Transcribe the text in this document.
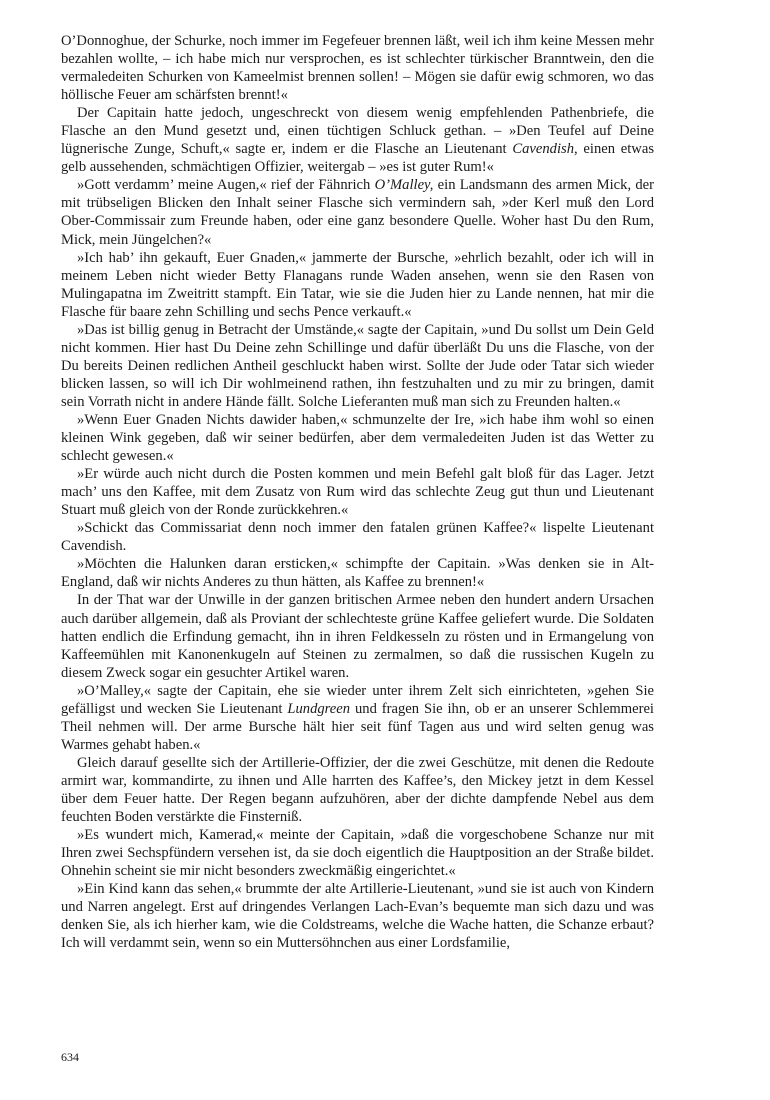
O’Donnoghue, der Schurke, noch immer im Fegefeuer brennen läßt, weil ich ihm keine Messen mehr bezahlen wollte, – ich habe mich nur versprochen, es ist schlechter türkischer Branntwein, den die vermaledeiten Schurken von Kameelmist brennen sollen! – Mögen sie dafür ewig schmoren, wo das höllische Feuer am schärfsten brennt!«

Der Capitain hatte jedoch, ungeschreckt von diesem wenig empfehlenden Pathenbriefe, die Flasche an den Mund gesetzt und, einen tüchtigen Schluck gethan. – »Den Teufel auf Deine lügnerische Zunge, Schuft,« sagte er, indem er die Flasche an Lieutenant Cavendish, einen etwas gelb aussehenden, schmächtigen Offizier, weitergab – »es ist guter Rum!«

»Gott verdamm’ meine Augen,« rief der Fähnrich O’Malley, ein Landsmann des armen Mick, der mit trübseligen Blicken den Inhalt seiner Flasche sich vermindern sah, »der Kerl muß den Lord Ober-Commissair zum Freunde haben, oder eine ganz besondere Quelle. Woher hast Du den Rum, Mick, mein Jüngelchen?«

»Ich hab’ ihn gekauft, Euer Gnaden,« jammerte der Bursche, »ehrlich bezahlt, oder ich will in meinem Leben nicht wieder Betty Flanagans runde Waden ansehen, wenn sie den Rasen von Mulingapatna im Zweitritt stampft. Ein Tatar, wie sie die Juden hier zu Lande nennen, hat mir die Flasche für baare zehn Schilling und sechs Pence verkauft.«

»Das ist billig genug in Betracht der Umstände,« sagte der Capitain, »und Du sollst um Dein Geld nicht kommen. Hier hast Du Deine zehn Schillinge und dafür überläßt Du uns die Flasche, von der Du bereits Deinen redlichen Antheil geschluckt haben wirst. Sollte der Jude oder Tatar sich wieder blicken lassen, so will ich Dir wohlmeinend rathen, ihn festzuhalten und zu mir zu bringen, damit sein Vorrath nicht in andere Hände fällt. Solche Lieferanten muß man sich zu Freunden halten.«

»Wenn Euer Gnaden Nichts dawider haben,« schmunzelte der Ire, »ich habe ihm wohl so einen kleinen Wink gegeben, daß wir seiner bedürfen, aber dem vermaledeiten Juden ist das Wetter zu schlecht gewesen.«

»Er würde auch nicht durch die Posten kommen und mein Befehl galt bloß für das Lager. Jetzt mach’ uns den Kaffee, mit dem Zusatz von Rum wird das schlechte Zeug gut thun und Lieutenant Stuart muß gleich von der Ronde zurückkehren.«

»Schickt das Commissariat denn noch immer den fatalen grünen Kaffee?« lispelte Lieutenant Cavendish.

»Möchten die Halunken daran ersticken,« schimpfte der Capitain. »Was denken sie in Alt-England, daß wir nichts Anderes zu thun hätten, als Kaffee zu brennen!«

In der That war der Unwille in der ganzen britischen Armee neben den hundert andern Ursachen auch darüber allgemein, daß als Proviant der schlechteste grüne Kaffee geliefert wurde. Die Soldaten hatten endlich die Erfindung gemacht, ihn in ihren Feldkesseln zu rösten und in Ermangelung von Kaffeemühlen mit Kanonenkugeln auf Steinen zu zermalmen, so daß die russischen Kugeln zu diesem Zweck sogar ein gesuchter Artikel waren.

»O’Malley,« sagte der Capitain, ehe sie wieder unter ihrem Zelt sich einrichteten, »gehen Sie gefälligst und wecken Sie Lieutenant Lundgreen und fragen Sie ihn, ob er an unserer Schlemmerei Theil nehmen will. Der arme Bursche hält hier seit fünf Tagen aus und wird selten genug was Warmes gehabt haben.«

Gleich darauf gesellte sich der Artillerie-Offizier, der die zwei Geschütze, mit denen die Redoute armirt war, kommandirte, zu ihnen und Alle harrten des Kaffee’s, den Mickey jetzt in dem Kessel über dem Feuer hatte. Der Regen begann aufzuhören, aber der dichte dampfende Nebel aus dem feuchten Boden verstärkte die Finsterniß.

»Es wundert mich, Kamerad,« meinte der Capitain, »daß die vorgeschobene Schanze nur mit Ihren zwei Sechspfündern versehen ist, da sie doch eigentlich die Hauptposition an der Straße bildet. Ohnehin scheint sie mir nicht besonders zweckmäßig eingerichtet.«

»Ein Kind kann das sehen,« brummte der alte Artillerie-Lieutenant, »und sie ist auch von Kindern und Narren angelegt. Erst auf dringendes Verlangen Lach-Evan’s bequemte man sich dazu und was denken Sie, als ich hierher kam, wie die Coldstreams, welche die Wache hatten, die Schanze erbaut? Ich will verdammt sein, wenn so ein Muttersöhnchen aus einer Lordsfamilie,

634
